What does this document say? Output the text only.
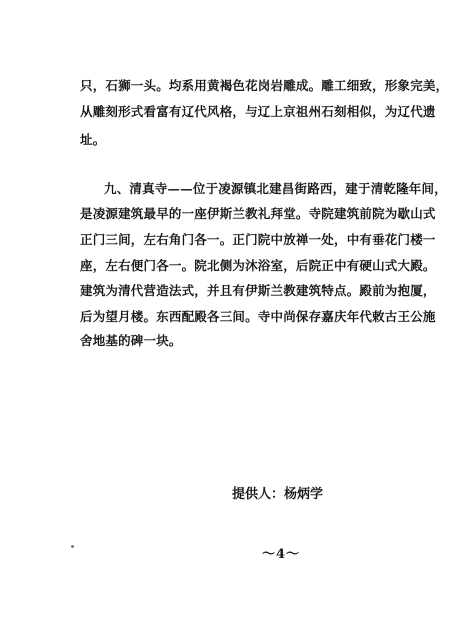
只，石狮一头。均系用黄褐色花岗岩雕成。雕工细致，形象完美，
从雕刻形式看富有辽代风格，与辽上京祖州石刻相似，为辽代遗
址。
九、清真寺——位于凌源镇北建昌街路西，建于清乾隆年间，
是凌源建筑最早的一座伊斯兰教礼拜堂。寺院建筑前院为歇山式
正门三间，左右角门各一。正门院中放禅一处，中有垂花门楼一
座，左右便门各一。院北侧为沐浴室，后院正中有硬山式大殿。
建筑为清代营造法式，并且有伊斯兰教建筑特点。殿前为抱厦，
后为望月楼。东西配殿各三间。寺中尚保存嘉庆年代敕古王公施
舍地基的碑一块。
提供人：杨炳学
～4～
